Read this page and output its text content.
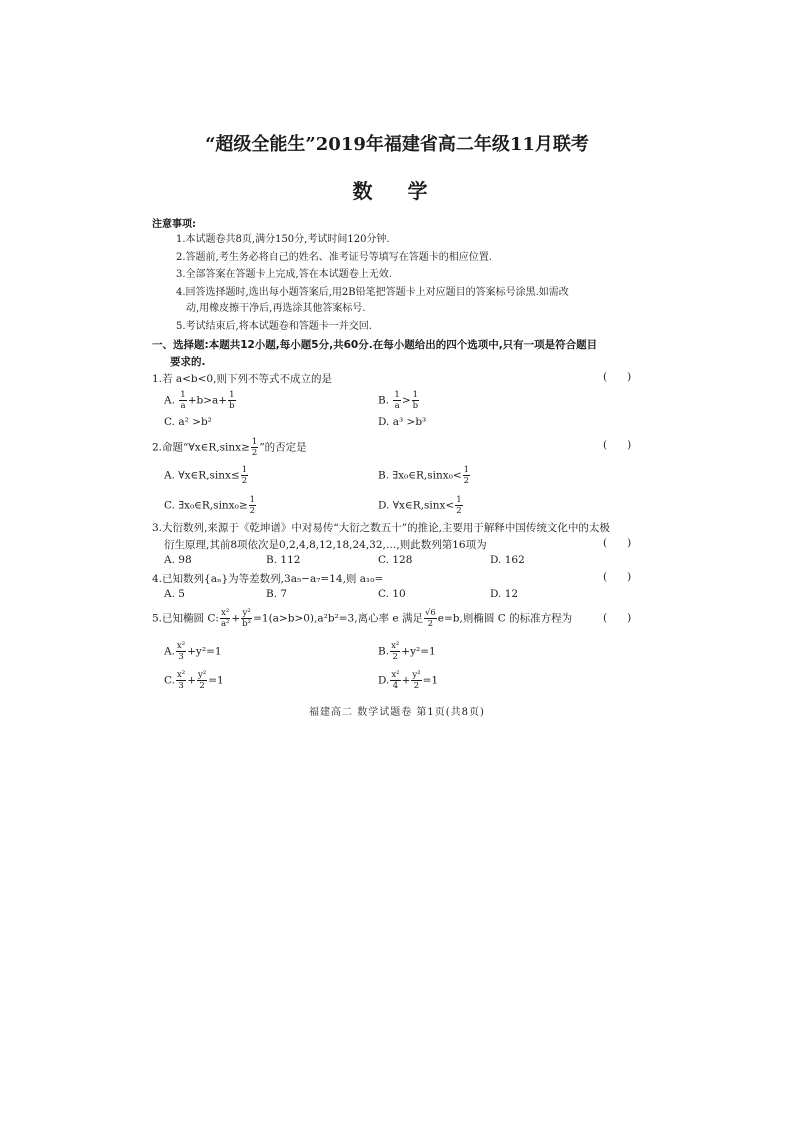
“超级全能生”2019年福建省高二年级11月联考
数 学
注意事项:
1.本试题卷共8页,满分150分,考试时间120分钟.
2.答题前,考生务必将自己的姓名、准考证号等填写在答题卡的相应位置.
3.全部答案在答题卡上完成,答在本试题卷上无效.
4.回答选择题时,选出每小题答案后,用2B铅笔把答题卡上对应题目的答案标号涂黑.如需改
动,用橡皮擦干净后,再选涂其他答案标号.
5.考试结束后,将本试题卷和答题卡一并交回.
一、选择题:本题共12小题,每小题5分,共60分.在每小题给出的四个选项中,只有一项是符合题目
要求的.
1.若 a<b<0,则下列不等式不成立的是	(      )
A. $\frac{1}{a} +b>a+ \frac{1}{b}$	B. $\frac{1}{a} > \frac{1}{b}$
C. a² >b²	D. a³ >b³
2.命题“∀x∈R,sinx≥ $\frac{1}{2}$ ”的否定是	(      )
A. ∀x∈R,sinx≤ $\frac{1}{2}$	B. ∃x₀∈R,sinx₀< $\frac{1}{2}$
C. ∃x₀∈R,sinx₀≥ $\frac{1}{2}$	D. ∀x∈R,sinx< $\frac{1}{2}$
3.大衍数列,来源于《乾坤谱》中对易传“大衍之数五十”的推论,主要用于解释中国传统文化中的太极
衍生原理,其前8项依次是0,2,4,8,12,18,24,32,…,则此数列第16项为	(      )
A. 98	B. 112	C. 128	D. 162
4.已知数列{aₙ}为等差数列,3a₅−a₇=14,则 a₁₀=	(      )
A. 5	B. 7	C. 10	D. 12
5.已知椭圆 C: $\frac{\text{x²}}{\text{a²}} + \frac{\text{y²}}{\text{b²}} =1(a>b>0),a^2b^2=3$,离心率 e 满足 $\frac{√6}{2} e=b$,则椭圆 C 的标准方程为	(      )
A. $\frac{\text{x²}}{3} +y^2=1$	B. $\frac{\text{x²}}{2} +y^2=1$
C. $\frac{\text{x²}}{3} + \frac{\text{y²}}{2} =1$	D. $\frac{\text{x²}}{4} + \frac{\text{y²}}{2} =1$
福建高二 数学试题卷 第1页(共8页)
